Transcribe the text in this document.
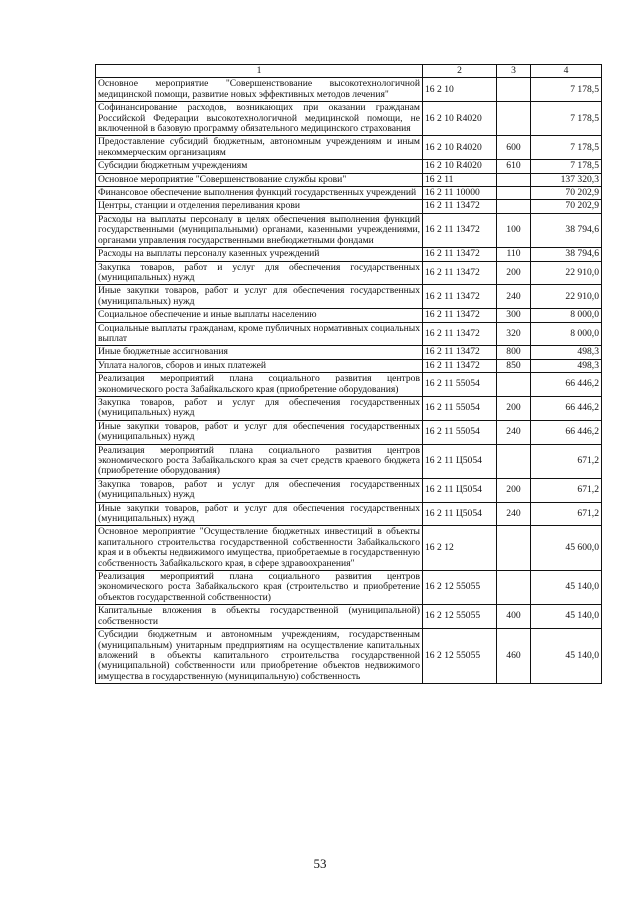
1	2	3	4
Основное мероприятие "Совершенствование высокотехнологичной медицинской помощи, развитие новых эффективных методов лечения"	16 2 10		7 178,5
Софинансирование расходов, возникающих при оказании гражданам Российской Федерации высокотехнологичной медицинской помощи, не включенной в базовую программу обязательного медицинского страхования	16 2 10 R4020		7 178,5
Предоставление субсидий бюджетным, автономным учреждениям и иным некоммерческим организациям	16 2 10 R4020	600	7 178,5
Субсидии бюджетным учреждениям	16 2 10 R4020	610	7 178,5
Основное мероприятие "Совершенствование службы крови"	16 2 11		137 320,3
Финансовое обеспечение выполнения функций государственных учреждений	16 2 11 10000		70 202,9
Центры, станции и отделения переливания крови	16 2 11 13472		70 202,9
Расходы на выплаты персоналу в целях обеспечения выполнения функций государственными (муниципальными) органами, казенными учреждениями, органами управления государственными внебюджетными фондами	16 2 11 13472	100	38 794,6
Расходы на выплаты персоналу казенных учреждений	16 2 11 13472	110	38 794,6
Закупка товаров, работ и услуг для обеспечения государственных (муниципальных) нужд	16 2 11 13472	200	22 910,0
Иные закупки товаров, работ и услуг для обеспечения государственных (муниципальных) нужд	16 2 11 13472	240	22 910,0
Социальное обеспечение и иные выплаты населению	16 2 11 13472	300	8 000,0
Социальные выплаты гражданам, кроме публичных нормативных социальных выплат	16 2 11 13472	320	8 000,0
Иные бюджетные ассигнования	16 2 11 13472	800	498,3
Уплата налогов, сборов и иных платежей	16 2 11 13472	850	498,3
Реализация мероприятий плана социального развития центров экономического роста Забайкальского края (приобретение оборудования)	16 2 11 55054		66 446,2
Закупка товаров, работ и услуг для обеспечения государственных (муниципальных) нужд	16 2 11 55054	200	66 446,2
Иные закупки товаров, работ и услуг для обеспечения государственных (муниципальных) нужд	16 2 11 55054	240	66 446,2
Реализация мероприятий плана социального развития центров экономического роста Забайкальского края за счет средств краевого бюджета (приобретение оборудования)	16 2 11 Ц5054		671,2
Закупка товаров, работ и услуг для обеспечения государственных (муниципальных) нужд	16 2 11 Ц5054	200	671,2
Иные закупки товаров, работ и услуг для обеспечения государственных (муниципальных) нужд	16 2 11 Ц5054	240	671,2
Основное мероприятие "Осуществление бюджетных инвестиций в объекты капитального строительства государственной собственности Забайкальского края и в объекты недвижимого имущества, приобретаемые в государственную собственность Забайкальского края, в сфере здравоохранения"	16 2 12		45 600,0
Реализация мероприятий плана социального развития центров экономического роста Забайкальского края (строительство и приобретение объектов государственной собственности)	16 2 12 55055		45 140,0
Капитальные вложения в объекты государственной (муниципальной) собственности	16 2 12 55055	400	45 140,0
Субсидии бюджетным и автономным учреждениям, государственным (муниципальным) унитарным предприятиям на осуществление капитальных вложений в объекты капитального строительства государственной (муниципальной) собственности или приобретение объектов недвижимого имущества в государственную (муниципальную) собственность	16 2 12 55055	460	45 140,0
53
